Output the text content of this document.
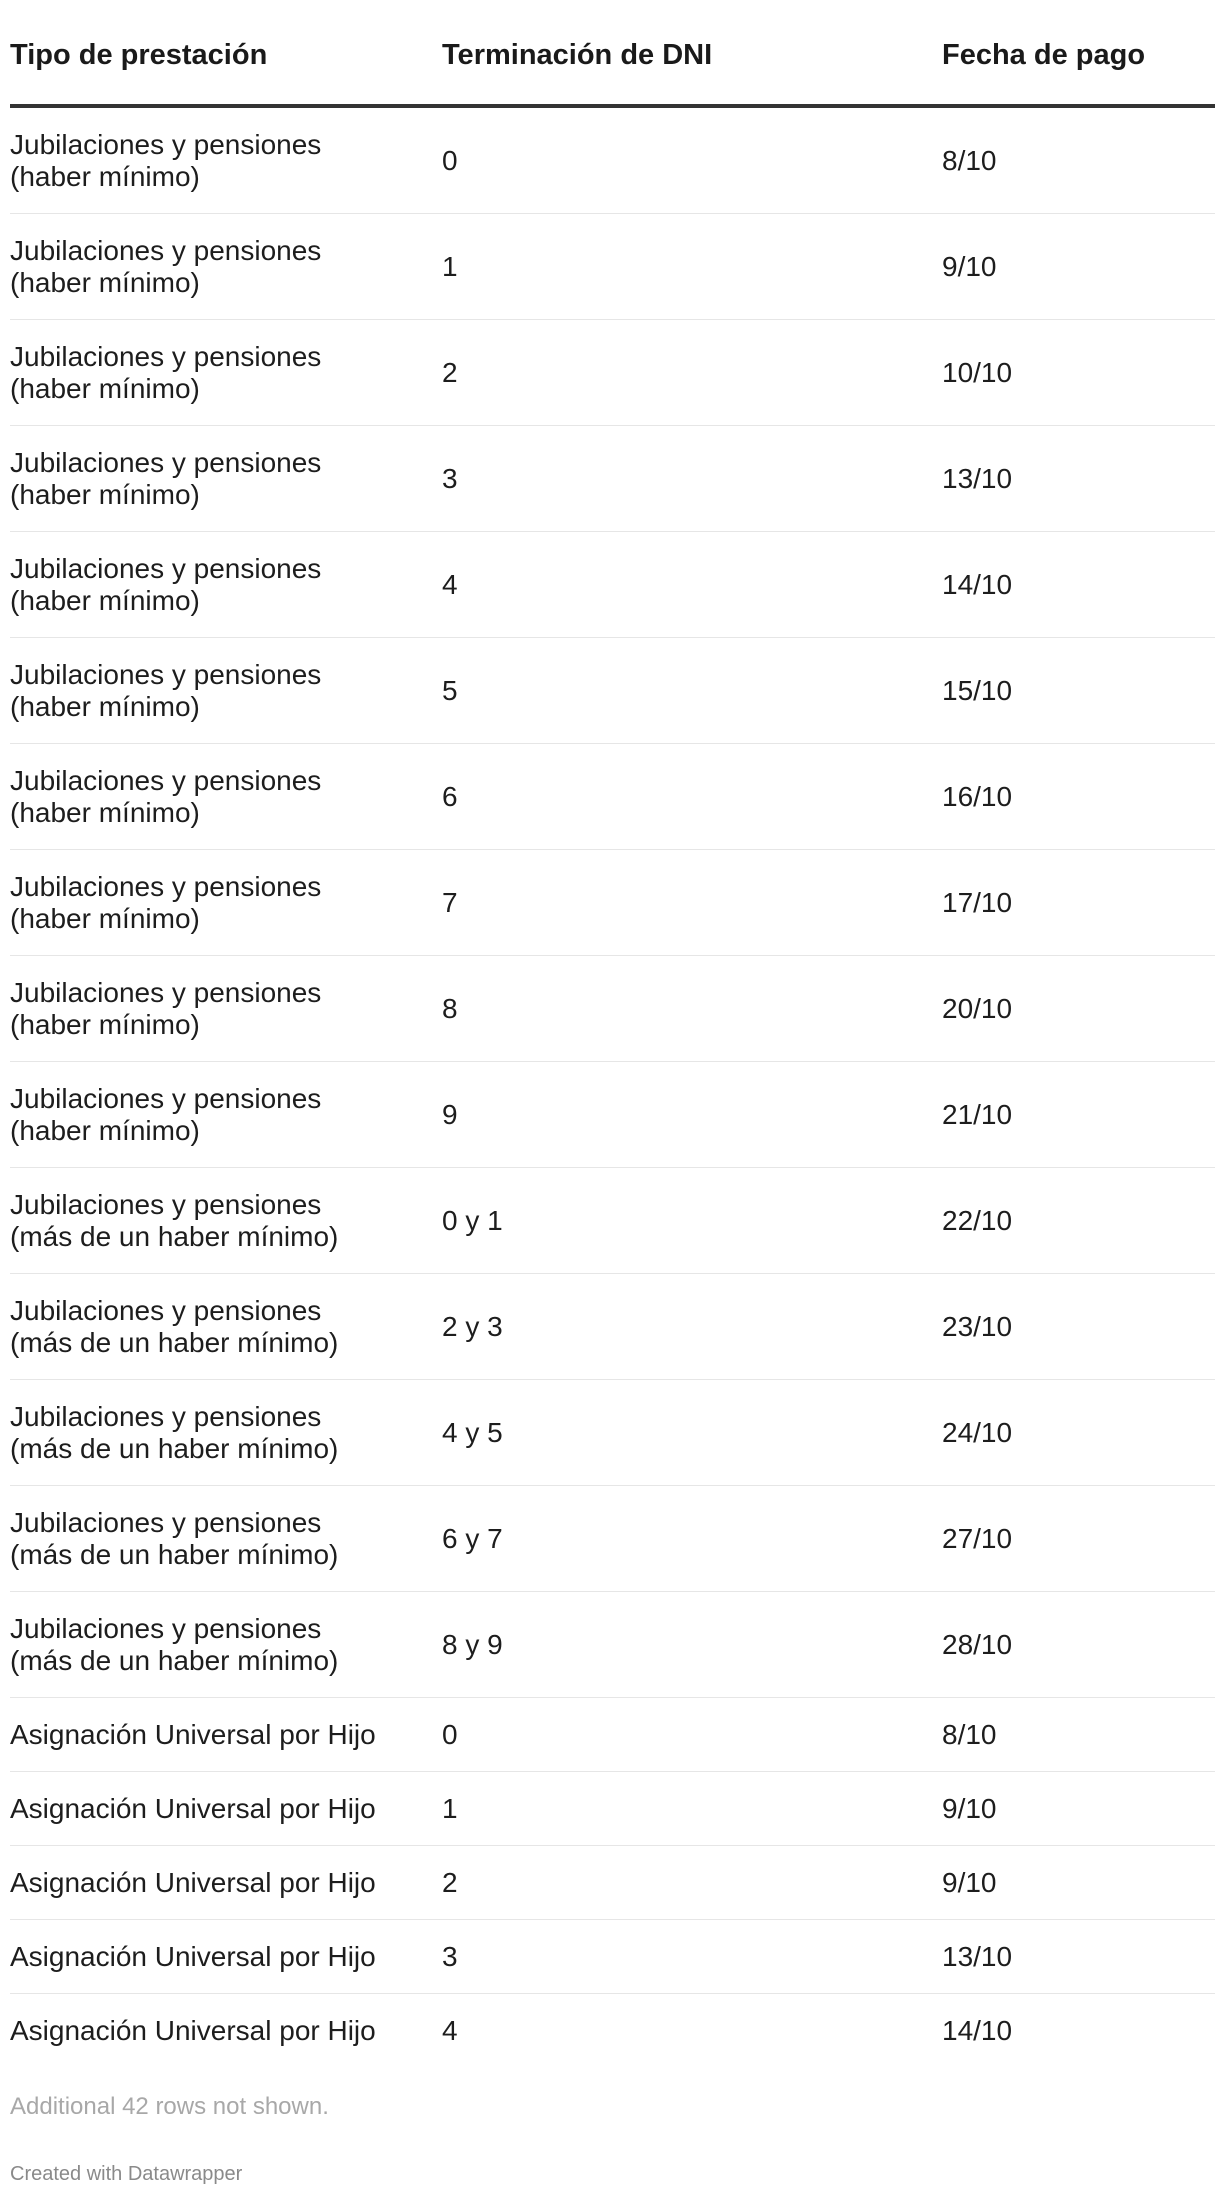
Tipo de prestación	Terminación de DNI	Fecha de pago
Jubilaciones y pensiones
(haber mínimo)	0	8/10
Jubilaciones y pensiones
(haber mínimo)	1	9/10
Jubilaciones y pensiones
(haber mínimo)	2	10/10
Jubilaciones y pensiones
(haber mínimo)	3	13/10
Jubilaciones y pensiones
(haber mínimo)	4	14/10
Jubilaciones y pensiones
(haber mínimo)	5	15/10
Jubilaciones y pensiones
(haber mínimo)	6	16/10
Jubilaciones y pensiones
(haber mínimo)	7	17/10
Jubilaciones y pensiones
(haber mínimo)	8	20/10
Jubilaciones y pensiones
(haber mínimo)	9	21/10
Jubilaciones y pensiones
(más de un haber mínimo)	0 y 1	22/10
Jubilaciones y pensiones
(más de un haber mínimo)	2 y 3	23/10
Jubilaciones y pensiones
(más de un haber mínimo)	4 y 5	24/10
Jubilaciones y pensiones
(más de un haber mínimo)	6 y 7	27/10
Jubilaciones y pensiones
(más de un haber mínimo)	8 y 9	28/10
Asignación Universal por Hijo	0	8/10
Asignación Universal por Hijo	1	9/10
Asignación Universal por Hijo	2	9/10
Asignación Universal por Hijo	3	13/10
Asignación Universal por Hijo	4	14/10
Additional 42 rows not shown.
Created with Datawrapper
